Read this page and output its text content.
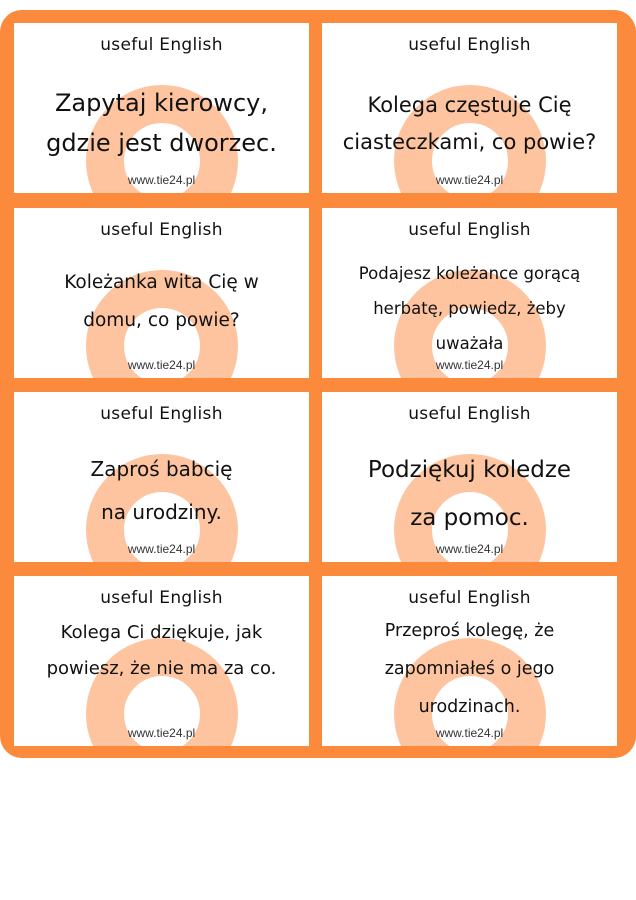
useful English
Zapytaj kierowcy,
gdzie jest dworzec.
www.tie24.pl
useful English
Kolega częstuje Cię
ciasteczkami, co powie?
www.tie24.pl
useful English
Koleżanka wita Cię w
domu, co powie?
www.tie24.pl
useful English
Podajesz koleżance gorącą
herbatę, powiedz, żeby
uważała
www.tie24.pl
useful English
Zaproś babcię
na urodziny.
www.tie24.pl
useful English
Podziękuj koledze
za pomoc.
www.tie24.pl
useful English
Kolega Ci dziękuje, jak
powiesz, że nie ma za co.
www.tie24.pl
useful English
Przeproś kolegę, że
zapomniałeś o jego
urodzinach.
www.tie24.pl
